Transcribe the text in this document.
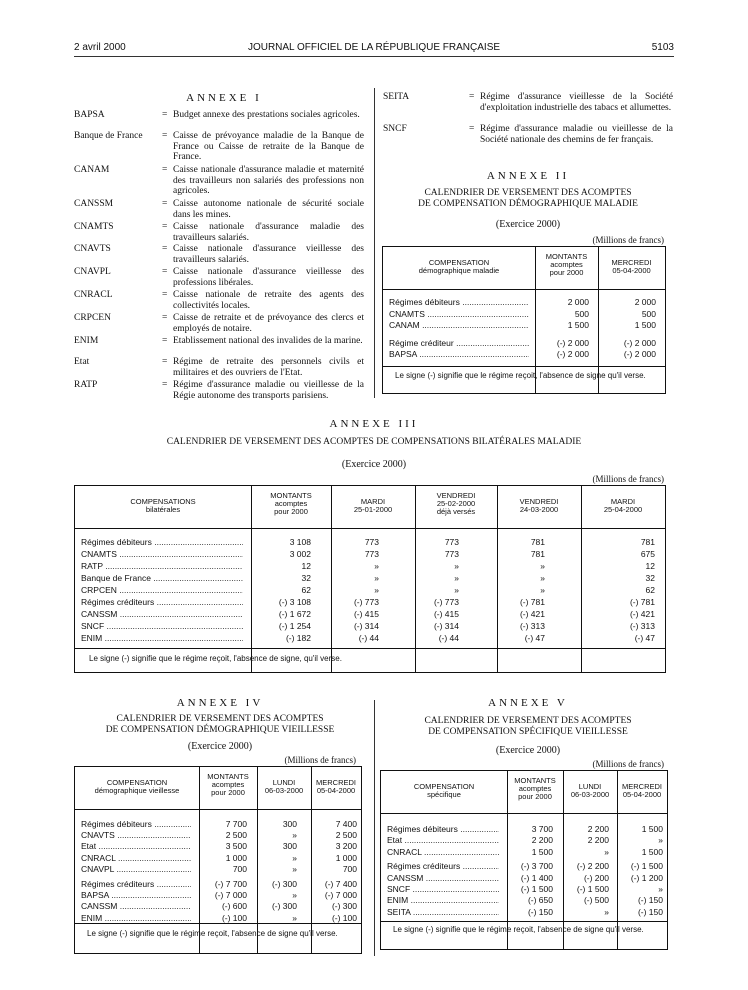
2 avril 2000	JOURNAL OFFICIEL DE LA RÉPUBLIQUE FRANÇAISE	5103
ANNEXE I
BAPSA	= Budget annexe des prestations sociales agricoles.
Banque de France = Caisse de prévoyance maladie de la Banque de France ou Caisse de retraite de la Banque de France.
CANAM	= Caisse nationale d'assurance maladie et maternité des travailleurs non salariés des professions non agricoles.
CANSSM	= Caisse autonome nationale de sécurité sociale dans les mines.
CNAMTS	= Caisse nationale d'assurance maladie des travailleurs salariés.
CNAVTS	= Caisse nationale d'assurance vieillesse des travailleurs salariés.
CNAVPL	= Caisse nationale d'assurance vieillesse des professions libérales.
CNRACL	= Caisse nationale de retraite des agents des collectivités locales.
CRPCEN	= Caisse de retraite et de prévoyance des clercs et employés de notaire.
ENIM	= Etablissement national des invalides de la marine.
Etat	= Régime de retraite des personnels civils et militaires et des ouvriers de l'Etat.
RATP	= Régime d'assurance maladie ou vieillesse de la Régie autonome des transports parisiens.
SEITA	= Régime d'assurance vieillesse de la Société d'exploitation industrielle des tabacs et allumettes.
SNCF	= Régime d'assurance maladie ou vieillesse de la Société nationale des chemins de fer français.
ANNEXE II
CALENDRIER DE VERSEMENT DES ACOMPTES
DE COMPENSATION DÉMOGRAPHIQUE MALADIE
(Exercice 2000)
(Millions de francs)
COMPENSATION
démographique maladie
MONTANTS
acomptes
pour 2000
MERCREDI
05-04-2000
Le signe (-) signifie que le régime reçoit, l'absence de signe qu'il verse.
Régimes débiteurs .....	2 000	2 000
CNAMTS .....	500	500
CANAM .....	1 500	1 500
Régime créditeur .....	(-) 2 000	(-) 2 000
BAPSA .....	(-) 2 000	(-) 2 000
ANNEXE III
CALENDRIER DE VERSEMENT DES ACOMPTES DE COMPENSATIONS BILATÉRALES MALADIE
(Exercice 2000)
(Millions de francs)
COMPENSATIONS
bilatérales
MONTANTS
acomptes
pour 2000
MARDI
25-01-2000
VENDREDI
25-02-2000
déjà versés
VENDREDI
24-03-2000
MARDI
25-04-2000
Le signe (-) signifie que le régime reçoit, l'absence de signe, qu'il verse.
Régimes débiteurs .....	3 108	773	773	781	781
CNAMTS .....	3 002	773	773	781	675
RATP .....	12	»	»	»	12
Banque de France .....	32	»	»	»	32
CRPCEN .....	62	»	»	»	62
Régimes créditeurs .....	(-) 3 108	(-) 773	(-) 773	(-) 781	(-) 781
CANSSM .....	(-) 1 672	(-) 415	(-) 415	(-) 421	(-) 421
SNCF .....	(-) 1 254	(-) 314	(-) 314	(-) 313	(-) 313
ENIM .....	(-) 182	(-) 44	(-) 44	(-) 47	(-) 47
ANNEXE IV
CALENDRIER DE VERSEMENT DES ACOMPTES
DE COMPENSATION DÉMOGRAPHIQUE VIEILLESSE
(Exercice 2000)
(Millions de francs)
COMPENSATION
démographique vieillesse
MONTANTS
acomptes
pour 2000
LUNDI
06-03-2000
MERCREDI
05-04-2000
Le signe (-) signifie que le régime reçoit, l'absence de signe qu'il verse.
Régimes débiteurs .....	7 700	300	7 400
CNAVTS .....	2 500	»	2 500
Etat .....	3 500	300	3 200
CNRACL .....	1 000	»	1 000
CNAVPL .....	700	»	700
Régimes créditeurs .....	(-) 7 700	(-) 300	(-) 7 400
BAPSA .....	(-) 7 000	»	(-) 7 000
CANSSM .....	(-) 600	(-) 300	(-) 300
ENIM .....	(-) 100	»	(-) 100
ANNEXE V
CALENDRIER DE VERSEMENT DES ACOMPTES
DE COMPENSATION SPÉCIFIQUE VIEILLESSE
(Exercice 2000)
(Millions de francs)
COMPENSATION
spécifique
MONTANTS
acomptes
pour 2000
LUNDI
06-03-2000
MERCREDI
05-04-2000
Le signe (-) signifie que le régime reçoit, l'absence de signe qu'il verse.
Régimes débiteurs .....	3 700	2 200	1 500
Etat .....	2 200	2 200	»
CNRACL .....	1 500	»	1 500
Régimes créditeurs .....	(-) 3 700	(-) 2 200	(-) 1 500
CANSSM .....	(-) 1 400	(-) 200	(-) 1 200
SNCF .....	(-) 1 500	(-) 1 500	»
ENIM .....	(-) 650	(-) 500	(-) 150
SEITA .....	(-) 150	»	(-) 150
